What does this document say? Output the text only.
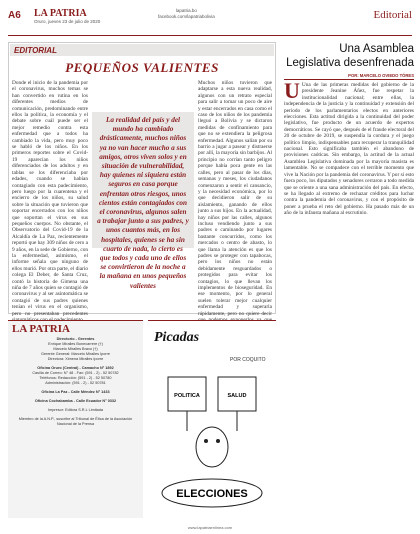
A6 LA PATRIA
Oruro, jueves 23 de julio de 2020
lapatria.bo
facebook.com/lapatriabolivia	Editorial
EDITORIAL
PEQUEÑOS VALIENTES
Donde el inicio de la pandemia por el coronavirus, muchos temas se han convertido en rutina en los diferentes medios de comunicación, predominando entre ellos la política, la economía y el debate sobre cuál puede ser el mejor remedio contra esta enfermedad que a todos ha cambiado la vida, pero muy poco se habló de los niños. En los primeros reportes sobre el Covid-19 aparecían los niños diferenciados de los adultos y en tablas se los diferenciaba por edades, cuando se habían contagiado con esta padecimiento, pero luego por la cuarentena y el encierro de los niños, su salud sobre la situación que tuvieron que soportar encerrados con los niños que soportan el virus en sus pequeños cuerpos. No obstante, el Observatorio del Covid-19 de la Alcaldía de La Paz, recientemente reportó que hay 309 niños de cero a 9 años, en la sede de Gobierno, con la enfermedad, asimismo, el informe señala que ninguno de ellos murió. Por otra parte, el diario colega El Deber, de Santa Cruz, contó la historia de Gimena una niña de 7 años quien se contagió de coronavirus y al ser asintomática se contagió de sus padres quienes tenían el virus en el organismo, pero no presentaban precedentes
La realidad del país y del mundo ha cambiado drásticamente, muchos niños ya no van hacer mucho a sus amigos, otros viven solos y en situación de vulnerabilidad, hay quienes ni siquiera están seguros en casa porque enfrentan otros riesgos, unos cientos están contagiados con el coronavirus, algunos salen a trabajar junto a sus padres, y unos cuantos más, en los hospitales, quienes se ha sin cuarto de nada, lo cierto es que todos y cada uno de ellos se convirtieron de la noche a la mañana en unos pequeños valientes
Muchos niños tuvieron que adaptarse a esta nueva realidad, algunos con un retrato especial para salir a tomar un poco de aire y estar encerrados en casa como el caso de los niños de los pandemia lleguó a Bolivia y se dictaron medidas de confinamiento para que no se extendiera la peligrosa enfermedad. Algunos salían por su barrio a jugar a pasear y distraerse por allí, la mayoría sin barbijos. Al principio no corrían tanto peligro porque había poca gente en las calles, pero al pasar de los días, semanas y meses, los ciudadanos comenzaron a sentir el cansancio, y la necesidad económica, por lo que decidieron salir de su aislamiento, ganando de ellos junto a sus hijos. En la actualidad, hay niños por las calles, algunos incluso vendiendo junto a sus padres o caminando por lugares bastante concurridos, como los mercados o centro de abasto, lo que llama la atención es que los padres se proteger con tapabocas, pero los niños no están debidamente resguardados o protegidos para evitar los contagios, lo que llevan los implementos de bioseguridad. En ese momento, por lo general suelen tolerar mejor cualquier enfermedad y superarla rápidamente, pero no quiere decir
Una Asamblea Legislativa desenfrenada
POR: MARCELO OVIEDO TÓRES
U Una de las primeras medidas del gobierno de la presidente Jeanine Áñez, fue respetar la institucionalidad nacional; entre ellas, la independencia de la justicia y la continuidad y extensión del periodo de los parlamentarios electos en anteriores elecciones. Esta actitud dirigida a la continuidad del poder legislativo, fue producto de un acuerdo de expertos democráticos. Se cayó que, después de el fraude electoral del 20 de octubre de 2019, se suspendía la cordura y el juego político limpio, indispensables para recuperar la tranquilidad nacional. Esto significaba también el abandono de provisiones caóticas. Sin embargo, la actitud de la actual Asamblea Legislativa dominada por la mayoría masista es lamentable. No se compadece con el terrible momento que vive la Nación por la pandemia del coronavirus. Y por si esto fuera poco, los diputados y senadores cerraron a todo medida que se oriente a una sana administración del país. En efecto, se ha llegado al extremo de rechazar créditos para luchar contra la pandemia del coronavirus, y con el propósito de poner a prueba el reto del gobierno. Ha pasado más de un año de la infausta mañana al escrutinio.
LA PATRIA
Directorio - Gerentes
Enrique Miralles Bonecarrere (†)
Marcelo Miralles Bravo (†)
Gerente General: Marcelo Miralles Iporre
Directora: Ximena Miralles Iporre
Oficina Oruro (Central) - Camacho N° 1892
Casilla de Correo: N° 48 - Fax: (591 - 2) - 52 50782
Teléfonos: Redacción: (591 - 2) - 52 50780
Administración: (591 - 2) - 52 50781
Oficina La Paz - Calle Méndez N° 1433
Oficina Cochabamba - Calle Ecuador N° 0332
Impresor: Editora S.R.L Limitada
Miembro de la A.N.P., suscribe al Tribunal de Ética de la Asociación Nacional de la Prensa
Picadas
POR COQUITO
POLITICA	SALUD
ELECCIONES
www.lapatriaenlinea.com
